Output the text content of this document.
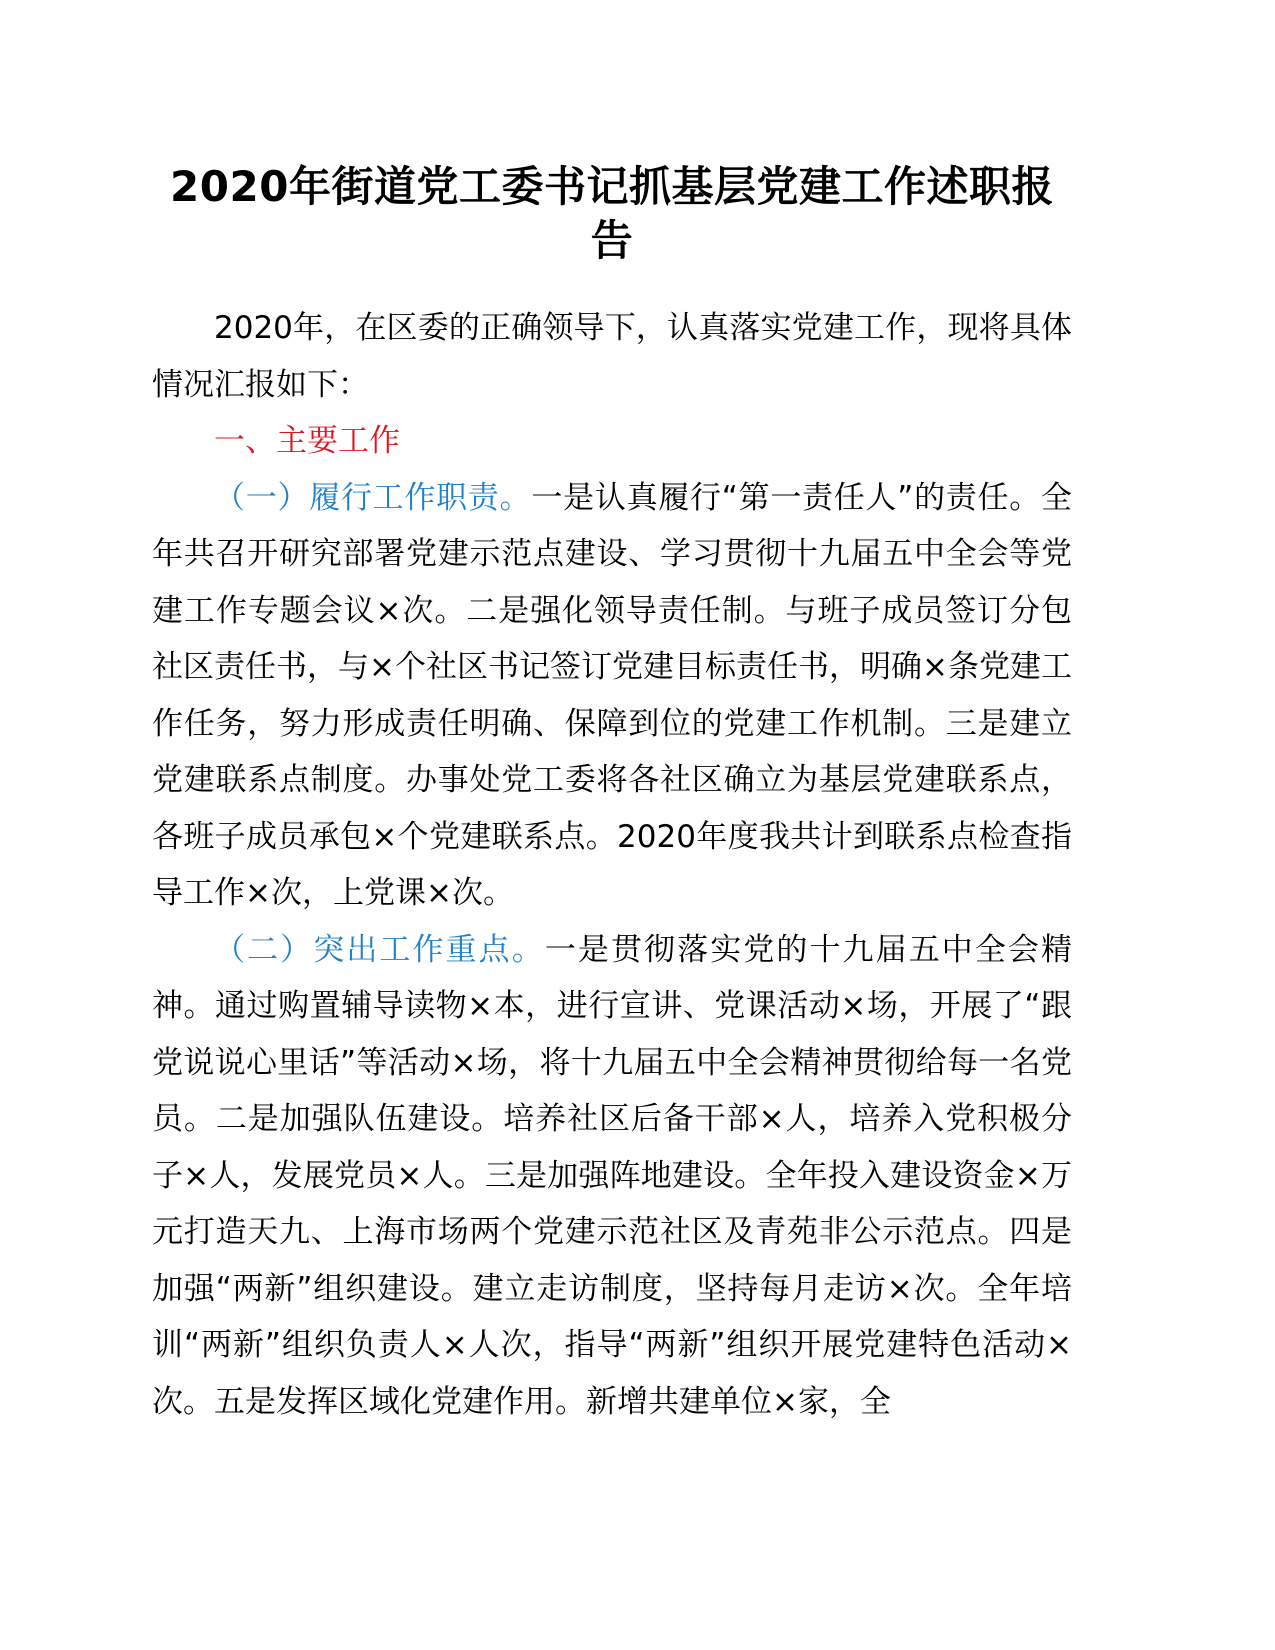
2020年街道党工委书记抓基层党建工作述职报告

2020年，在区委的正确领导下，认真落实党建工作，现将具体情况汇报如下：

一、主要工作

（一）履行工作职责。一是认真履行“第一责任人”的责任。全年共召开研究部署党建示范点建设、学习贯彻十九届五中全会等党建工作专题会议×次。二是强化领导责任制。与班子成员签订分包社区责任书，与×个社区书记签订党建目标责任书，明确×条党建工作任务，努力形成责任明确、保障到位的党建工作机制。三是建立党建联系点制度。办事处党工委将各社区确立为基层党建联系点，各班子成员承包×个党建联系点。2020年度我共计到联系点检查指导工作×次，上党课×次。

（二）突出工作重点。一是贯彻落实党的十九届五中全会精神。通过购置辅导读物×本，进行宣讲、党课活动×场，开展了“跟党说说心里话”等活动×场，将十九届五中全会精神贯彻给每一名党员。二是加强队伍建设。培养社区后备干部×人，培养入党积极分子×人，发展党员×人。三是加强阵地建设。全年投入建设资金×万元打造天九、上海市场两个党建示范社区及青苑非公示范点。四是加强“两新”组织建设。建立走访制度，坚持每月走访×次。全年培训“两新”组织负责人×人次，指导“两新”组织开展党建特色活动×次。五是发挥区域化党建作用。新增共建单位×家，全
